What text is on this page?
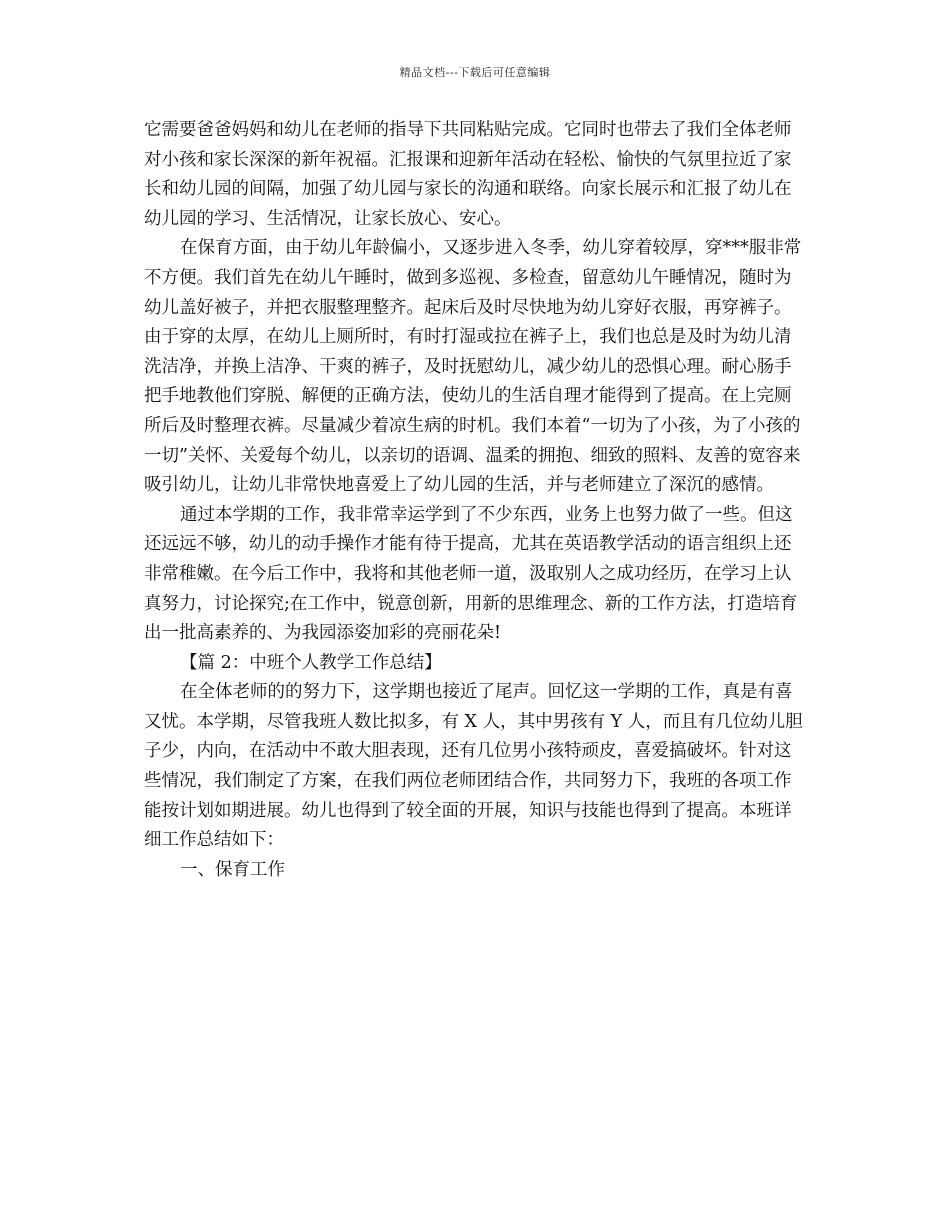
精品文档---下载后可任意编辑

它需要爸爸妈妈和幼儿在老师的指导下共同粘贴完成。它同时也带去了我们全体老师对小孩和家长深深的新年祝福。汇报课和迎新年活动在轻松、愉快的气氛里拉近了家长和幼儿园的间隔，加强了幼儿园与家长的沟通和联络。向家长展示和汇报了幼儿在幼儿园的学习、生活情况，让家长放心、安心。

在保育方面，由于幼儿年龄偏小，又逐步进入冬季，幼儿穿着较厚，穿***服非常不方便。我们首先在幼儿午睡时，做到多巡视、多检查，留意幼儿午睡情况，随时为幼儿盖好被子，并把衣服整理整齐。起床后及时尽快地为幼儿穿好衣服，再穿裤子。由于穿的太厚，在幼儿上厕所时，有时打湿或拉在裤子上，我们也总是及时为幼儿清洗洁净，并换上洁净、干爽的裤子，及时抚慰幼儿，减少幼儿的恐惧心理。耐心肠手把手地教他们穿脱、解便的正确方法，使幼儿的生活自理才能得到了提高。在上完厕所后及时整理衣裤。尽量减少着凉生病的时机。我们本着“一切为了小孩，为了小孩的一切”关怀、关爱每个幼儿，以亲切的语调、温柔的拥抱、细致的照料、友善的宽容来吸引幼儿，让幼儿非常快地喜爱上了幼儿园的生活，并与老师建立了深沉的感情。

通过本学期的工作，我非常幸运学到了不少东西，业务上也努力做了一些。但这还远远不够，幼儿的动手操作才能有待于提高，尤其在英语教学活动的语言组织上还非常稚嫩。在今后工作中，我将和其他老师一道，汲取别人之成功经历，在学习上认真努力，讨论探究;在工作中，锐意创新，用新的思维理念、新的工作方法，打造培育出一批高素养的、为我园添姿加彩的亮丽花朵!

【篇 2：中班个人教学工作总结】

在全体老师的的努力下，这学期也接近了尾声。回忆这一学期的工作，真是有喜又忧。本学期，尽管我班人数比拟多，有 X 人，其中男孩有 Y 人，而且有几位幼儿胆子少，内向，在活动中不敢大胆表现，还有几位男小孩特顽皮，喜爱搞破坏。针对这些情况，我们制定了方案，在我们两位老师团结合作，共同努力下，我班的各项工作能按计划如期进展。幼儿也得到了较全面的开展，知识与技能也得到了提高。本班详细工作总结如下：

一、保育工作
